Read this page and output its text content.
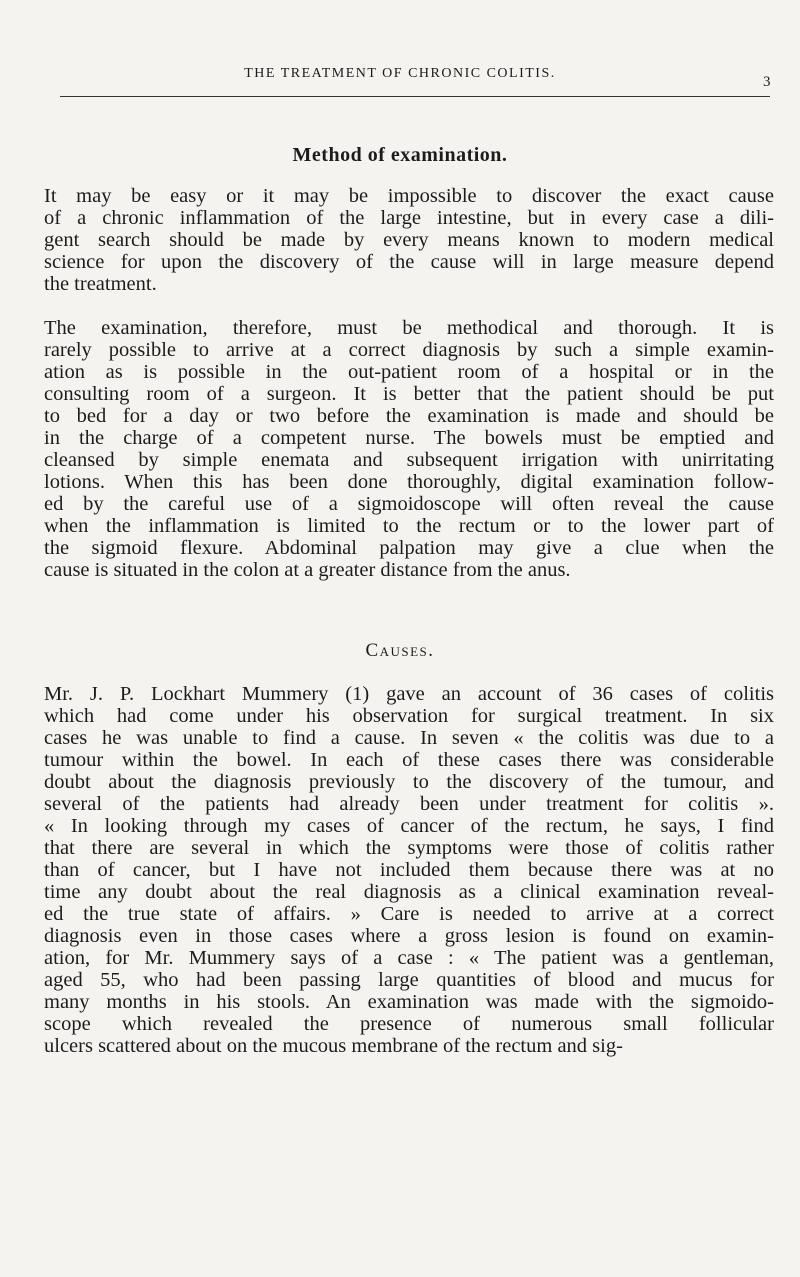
THE TREATMENT OF CHRONIC COLITIS.
3
Method of examination.
It may be easy or it may be impossible to discover the exact cause
of a chronic inflammation of the large intestine, but in every case a dili-
gent search should be made by every means known to modern medical
science for upon the discovery of the cause will in large measure depend
the treatment.
The examination, therefore, must be methodical and thorough. It is
rarely possible to arrive at a correct diagnosis by such a simple examin-
ation as is possible in the out-patient room of a hospital or in the
consulting room of a surgeon. It is better that the patient should be put
to bed for a day or two before the examination is made and should be
in the charge of a competent nurse. The bowels must be emptied and
cleansed by simple enemata and subsequent irrigation with unirritating
lotions. When this has been done thoroughly, digital examination follow-
ed by the careful use of a sigmoidoscope will often reveal the cause
when the inflammation is limited to the rectum or to the lower part of
the sigmoid flexure. Abdominal palpation may give a clue when the
cause is situated in the colon at a greater distance from the anus.
Causes.
Mr. J. P. Lockhart Mummery (1) gave an account of 36 cases of colitis
which had come under his observation for surgical treatment. In six
cases he was unable to find a cause. In seven « the colitis was due to a
tumour within the bowel. In each of these cases there was considerable
doubt about the diagnosis previously to the discovery of the tumour, and
several of the patients had already been under treatment for colitis ».
« In looking through my cases of cancer of the rectum, he says, I find
that there are several in which the symptoms were those of colitis rather
than of cancer, but I have not included them because there was at no
time any doubt about the real diagnosis as a clinical examination reveal-
ed the true state of affairs. » Care is needed to arrive at a correct
diagnosis even in those cases where a gross lesion is found on examin-
ation, for Mr. Mummery says of a case : « The patient was a gentleman,
aged 55, who had been passing large quantities of blood and mucus for
many months in his stools. An examination was made with the sigmoido-
scope which revealed the presence of numerous small follicular
ulcers scattered about on the mucous membrane of the rectum and sig-
